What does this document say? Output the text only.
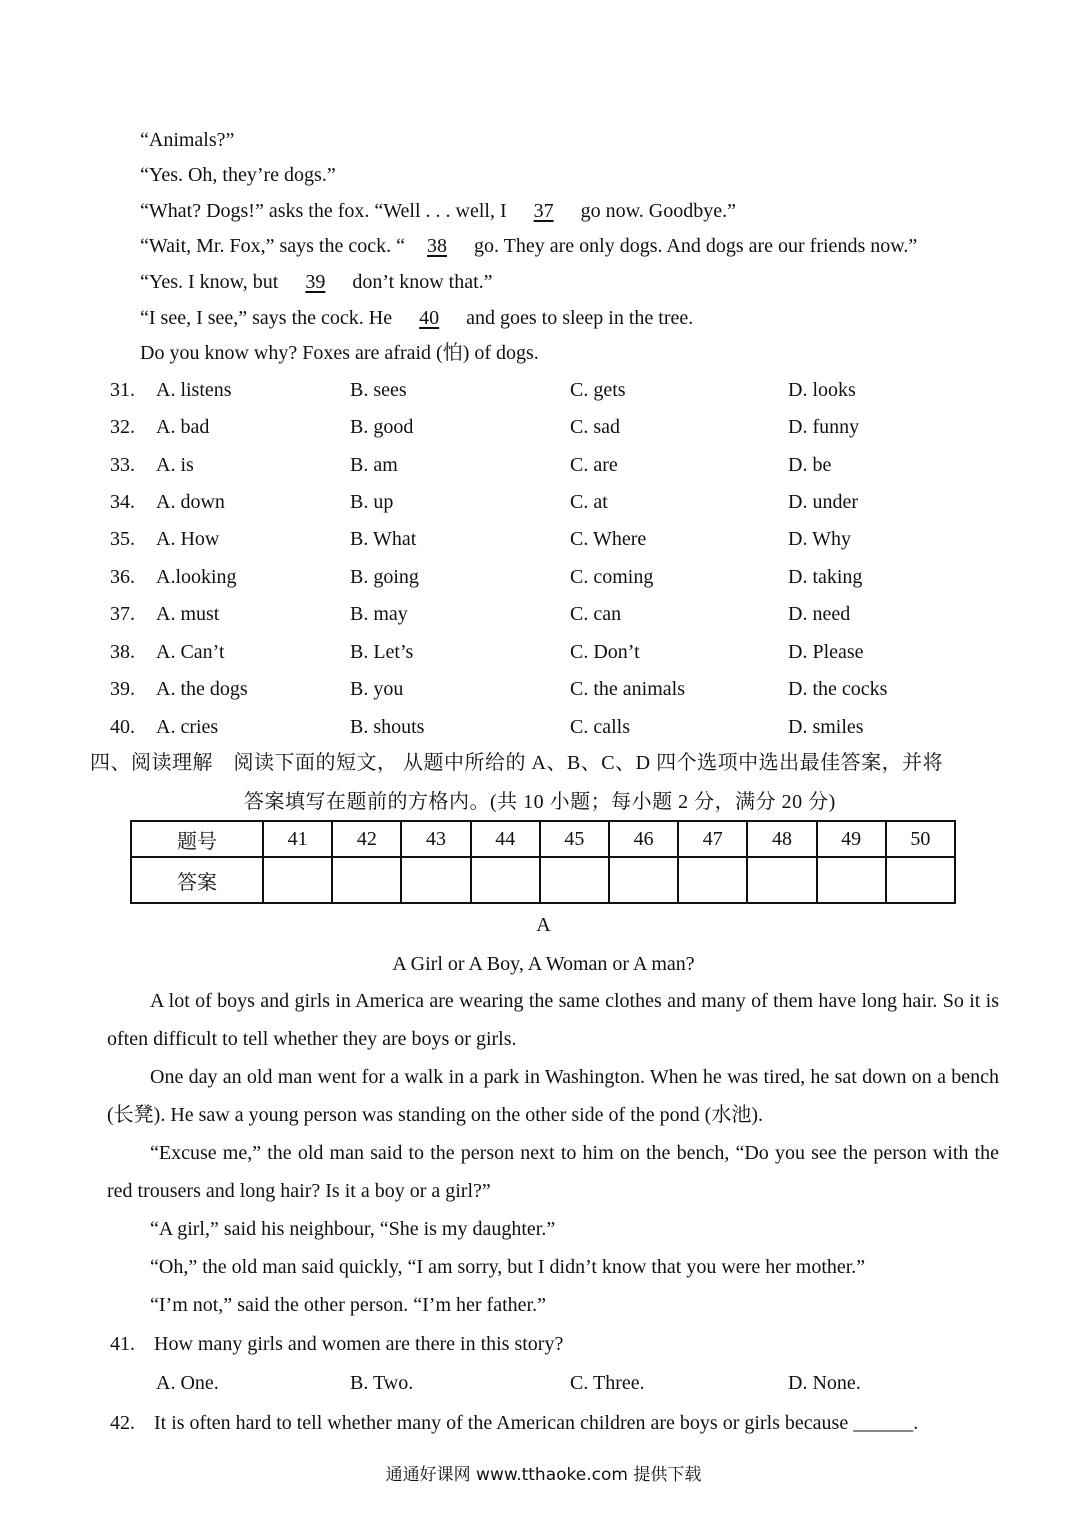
“Animals?”
“Yes. Oh, they’re dogs.”
“What? Dogs!” asks the fox. “Well . . . well, I 37 go now. Goodbye.”
“Wait, Mr. Fox,” says the cock. “ 38 go. They are only dogs. And dogs are our friends now.”
“Yes. I know, but 39 don’t know that.”
“I see, I see,” says the cock. He 40 and goes to sleep in the tree.
Do you know why? Foxes are afraid (怕) of dogs.
31. A. listens	B. sees	C. gets	D. looks
32. A. bad	B. good	C. sad	D. funny
33. A. is	B. am	C. are	D. be
34. A. down	B. up	C. at	D. under
35. A. How	B. What	C. Where	D. Why
36. A.looking	B. going	C. coming	D. taking
37. A. must	B. may	C. can	D. need
38. A. Can’t	B. Let’s	C. Don’t	D. Please
39. A. the dogs	B. you	C. the animals	D. the cocks
40. A. cries	B. shouts	C. calls	D. smiles
四、阅读理解　阅读下面的短文， 从题中所给的 A、B、C、D 四个选项中选出最佳答案，并将
答案填写在题前的方格内。(共 10 小题；每小题 2 分，满分 20 分)
题号	41	42	43	44	45	46	47	48	49	50
答案										
A
A Girl or A Boy, A Woman or A man?
A lot of boys and girls in America are wearing the same clothes and many of them have long hair. So it is often difficult to tell whether they are boys or girls.
One day an old man went for a walk in a park in Washington. When he was tired, he sat down on a bench (长凳). He saw a young person was standing on the other side of the pond (水池).
“Excuse me,” the old man said to the person next to him on the bench, “Do you see the person with the red trousers and long hair? Is it a boy or a girl?”
“A girl,” said his neighbour, “She is my daughter.”
“Oh,” the old man said quickly, “I am sorry, but I didn’t know that you were her mother.”
“I’m not,” said the other person. “I’m her father.”
41. How many girls and women are there in this story?
A. One.	B. Two.	C. Three.	D. None.
42. It is often hard to tell whether many of the American children are boys or girls because ______.
通通好课网 www.tthaoke.com 提供下载
